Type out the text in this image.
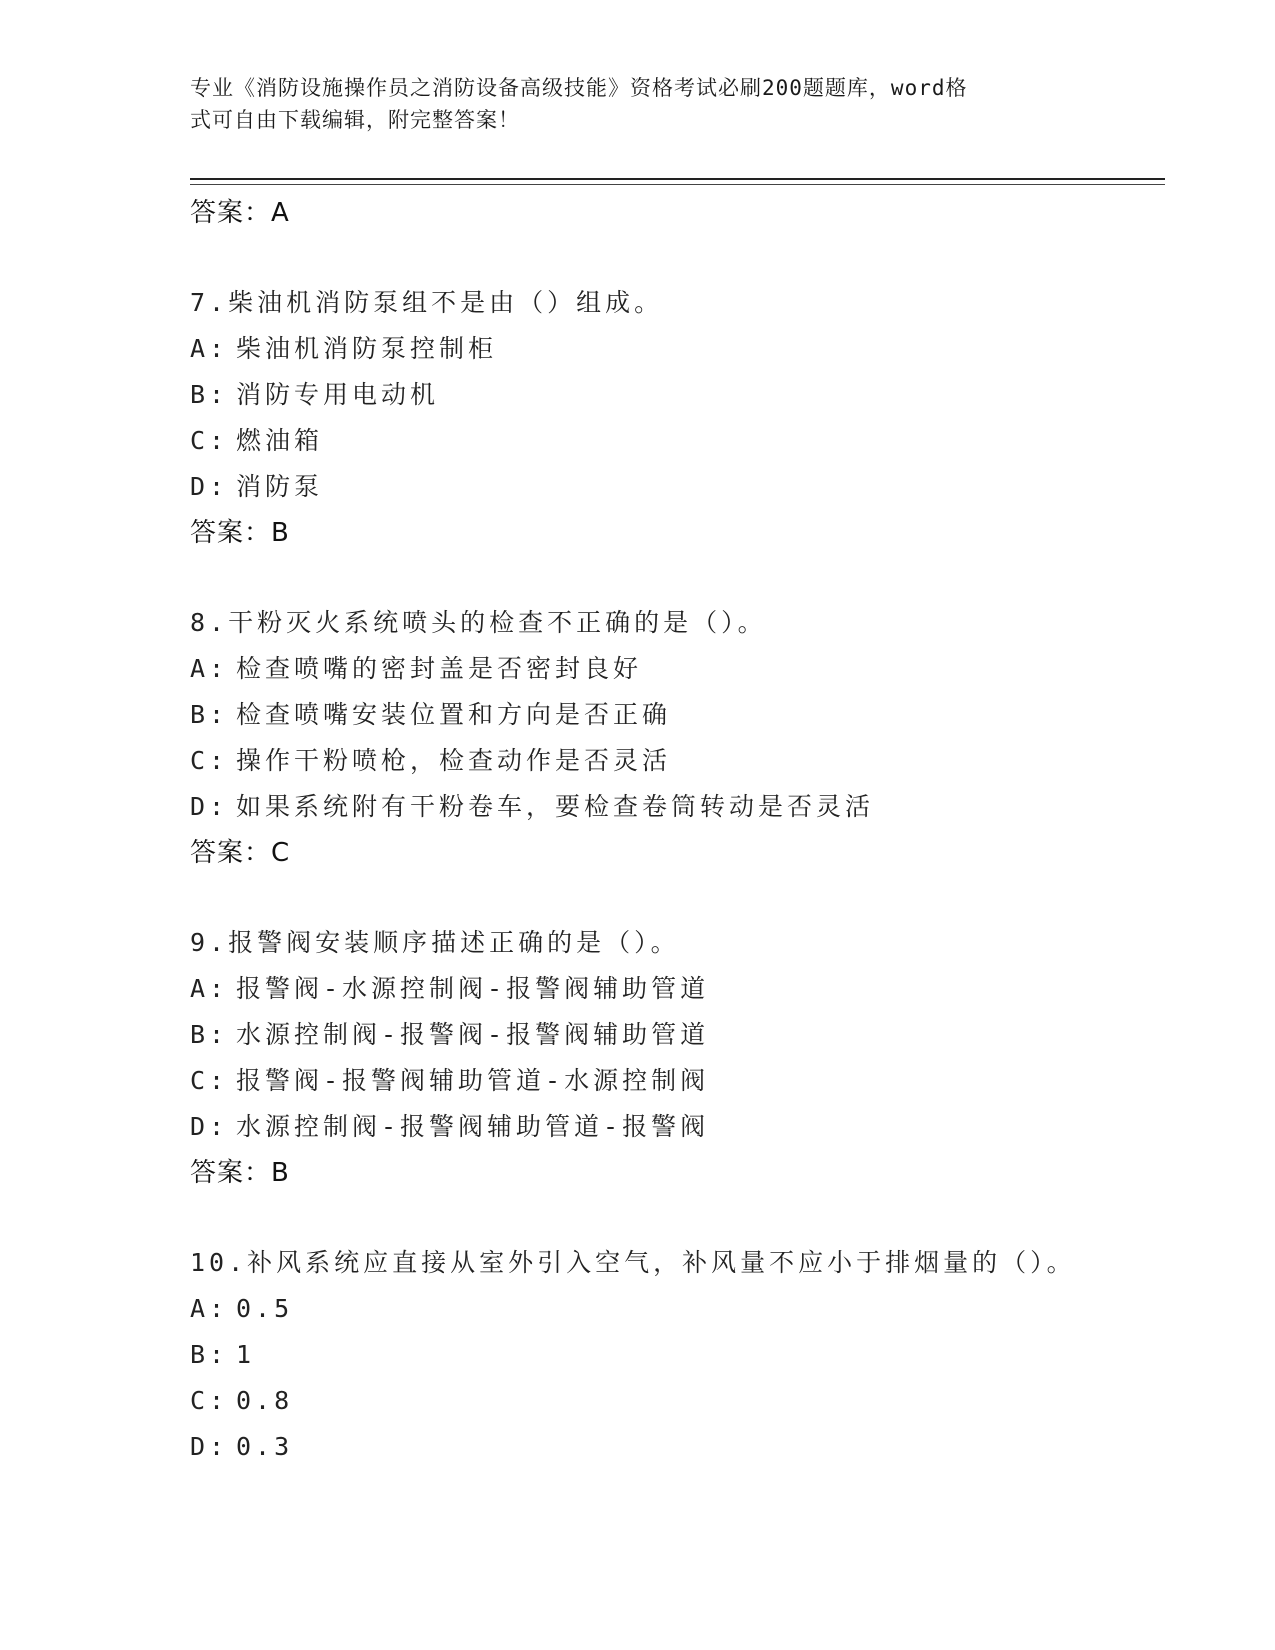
专业《消防设施操作员之消防设备高级技能》资格考试必刷200题题库，word格
式可自由下载编辑，附完整答案！
答案：A
7.柴油机消防泵组不是由（）组成。
A: 柴油机消防泵控制柜
B: 消防专用电动机
C: 燃油箱
D: 消防泵
答案：B
8.干粉灭火系统喷头的检查不正确的是（）。
A: 检查喷嘴的密封盖是否密封良好
B: 检查喷嘴安装位置和方向是否正确
C: 操作干粉喷枪，检查动作是否灵活
D: 如果系统附有干粉卷车，要检查卷筒转动是否灵活
答案：C
9.报警阀安装顺序描述正确的是（）。
A: 报警阀-水源控制阀-报警阀辅助管道
B: 水源控制阀-报警阀-报警阀辅助管道
C: 报警阀-报警阀辅助管道-水源控制阀
D: 水源控制阀-报警阀辅助管道-报警阀
答案：B
10.补风系统应直接从室外引入空气，补风量不应小于排烟量的（）。
A: 0.5
B: 1
C: 0.8
D: 0.3
